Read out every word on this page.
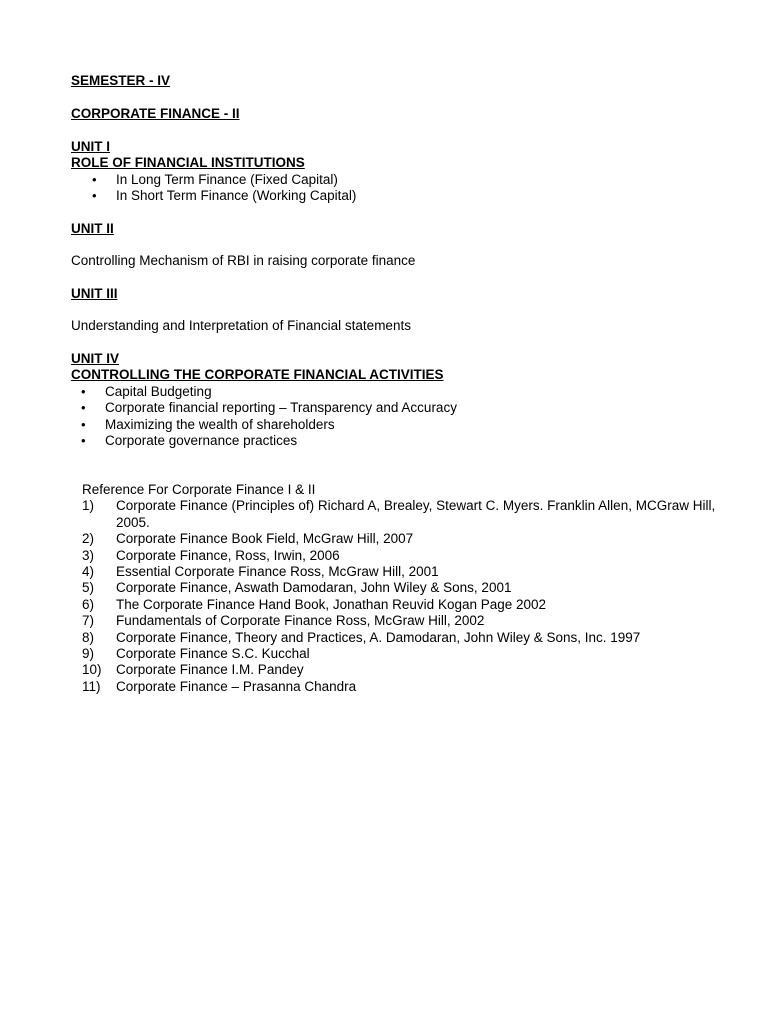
SEMESTER - IV
CORPORATE FINANCE - II
UNIT I
ROLE OF FINANCIAL INSTITUTIONS
• In Long Term Finance (Fixed Capital)
• In Short Term Finance (Working Capital)
UNIT II
Controlling Mechanism of RBI in raising corporate finance
UNIT III
Understanding and Interpretation of Financial statements
UNIT IV
CONTROLLING THE CORPORATE FINANCIAL ACTIVITIES
• Capital Budgeting
• Corporate financial reporting – Transparency and Accuracy
• Maximizing the wealth of shareholders
• Corporate governance practices
Reference For Corporate Finance I & II
1) Corporate Finance (Principles of) Richard A, Brealey, Stewart C. Myers. Franklin Allen, MCGraw Hill, 2005.
2) Corporate Finance Book Field, McGraw Hill, 2007
3) Corporate Finance, Ross, Irwin, 2006
4) Essential Corporate Finance Ross, McGraw Hill, 2001
5) Corporate Finance, Aswath Damodaran, John Wiley & Sons, 2001
6) The Corporate Finance Hand Book, Jonathan Reuvid Kogan Page 2002
7) Fundamentals of Corporate Finance Ross, McGraw Hill, 2002
8) Corporate Finance, Theory and Practices, A. Damodaran, John Wiley & Sons, Inc. 1997
9) Corporate Finance S.C. Kucchal
10) Corporate Finance I.M. Pandey
11) Corporate Finance – Prasanna Chandra
